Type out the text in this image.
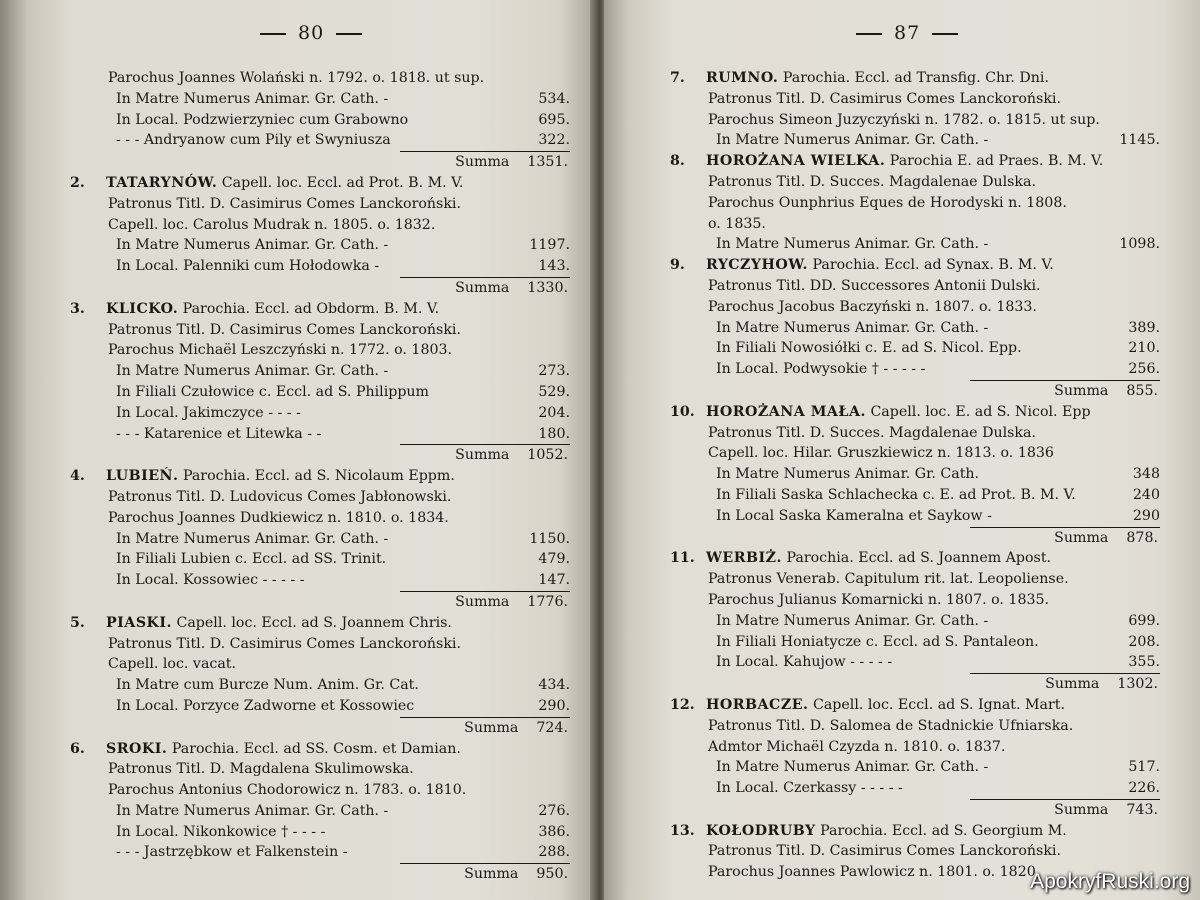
80
Parochus Joannes Wolański n. 1792. o. 1818. ut sup.
In Matre Numerus Animar. Gr. Cath. -	534.
In Local. Podzwierzyniec cum Grabowno	695.
- - - Andryanow cum Pily et Swyniusza	322.
Summa 1351.
2. TATARYNÓW. Capell. loc. Eccl. ad Prot. B. M. V.
Patronus Titl. D. Casimirus Comes Lanckoroński.
Capell. loc. Carolus Mudrak n. 1805. o. 1832.
In Matre Numerus Animar. Gr. Cath. -	1197.
In Local. Palenniki cum Hołodowka -	143.
Summa 1330.
3. KLICKO. Parochia. Eccl. ad Obdorm. B. M. V.
Patronus Titl. D. Casimirus Comes Lanckoroński.
Parochus Michaël Leszczyński n. 1772. o. 1803.
In Matre Numerus Animar. Gr. Cath. -	273.
In Filiali Czułowice c. Eccl. ad S. Philippum	529.
In Local. Jakimczyce - - - -	204.
- - - Katarenice et Litewka - -	180.
Summa 1052.
4. LUBIEŃ. Parochia. Eccl. ad S. Nicolaum Eppm.
Patronus Titl. D. Ludovicus Comes Jabłonowski.
Parochus Joannes Dudkiewicz n. 1810. o. 1834.
In Matre Numerus Animar. Gr. Cath. -	1150.
In Filiali Lubien c. Eccl. ad SS. Trinit.	479.
In Local. Kossowiec - - - - -	147.
Summa 1776.
5. PIASKI. Capell. loc. Eccl. ad S. Joannem Chris.
Patronus Titl. D. Casimirus Comes Lanckoroński.
Capell. loc. vacat.
In Matre cum Burcze Num. Anim. Gr. Cat.	434.
In Local. Porzyce Zadworne et Kossowiec	290.
Summa 724.
6. SROKI. Parochia. Eccl. ad SS. Cosm. et Damian.
Patronus Titl. D. Magdalena Skulimowska.
Parochus Antonius Chodorowicz n. 1783. o. 1810.
In Matre Numerus Animar. Gr. Cath. -	276.
In Local. Nikonkowice † - - - -	386.
- - - Jastrzębkow et Falkenstein -	288.
Summa 950.
87
7. RUMNO. Parochia. Eccl. ad Transfig. Chr. Dni.
Patronus Titl. D. Casimirus Comes Lanckoroński.
Parochus Simeon Juzyczyński n. 1782. o. 1815. ut sup.
In Matre Numerus Animar. Gr. Cath. -	1145.
8. HOROŻANA WIELKA. Parochia E. ad Praes. B. M. V.
Patronus Titl. D. Succes. Magdalenae Dulska.
Parochus Ounphrius Eques de Horodyski n. 1808.
o. 1835.
In Matre Numerus Animar. Gr. Cath. -	1098.
9. RYCZYHOW. Parochia. Eccl. ad Synax. B. M. V.
Patronus Titl. DD. Successores Antonii Dulski.
Parochus Jacobus Baczyński n. 1807. o. 1833.
In Matre Numerus Animar. Gr. Cath. -	389.
In Filiali Nowosiółki c. E. ad S. Nicol. Epp.	210.
In Local. Podwysokie † - - - - -	256.
Summa 855.
10. HOROŻANA MAŁA. Capell. loc. E. ad S. Nicol. Epp
Patronus Titl. D. Succes. Magdalenae Dulska.
Capell. loc. Hilar. Gruszkiewicz n. 1813. o. 1836
In Matre Numerus Animar. Gr. Cath.	348
In Filiali Saska Schlachecka c. E. ad Prot. B. M. V.	240
In Local Saska Kameralna et Saykow -	290
Summa 878.
11. WERBIŻ. Parochia. Eccl. ad S. Joannem Apost.
Patronus Venerab. Capitulum rit. lat. Leopoliense.
Parochus Julianus Komarnicki n. 1807. o. 1835.
In Matre Numerus Animar. Gr. Cath. -	699.
In Filiali Honiatycze c. Eccl. ad S. Pantaleon.	208.
In Local. Kahujow - - - - -	355.
Summa 1302.
12. HORBACZE. Capell. loc. Eccl. ad S. Ignat. Mart.
Patronus Titl. D. Salomea de Stadnickie Ufniarska.
Admtor Michaël Czyzda n. 1810. o. 1837.
In Matre Numerus Animar. Gr. Cath. -	517.
In Local. Czerkassy - - - - -	226.
Summa 743.
13. KOŁODRUBY Parochia. Eccl. ad S. Georgium M.
Patronus Titl. D. Casimirus Comes Lanckoroński.
Parochus Joannes Pawlowicz n. 1801. o. 1820.
ApokryfRuski.org
